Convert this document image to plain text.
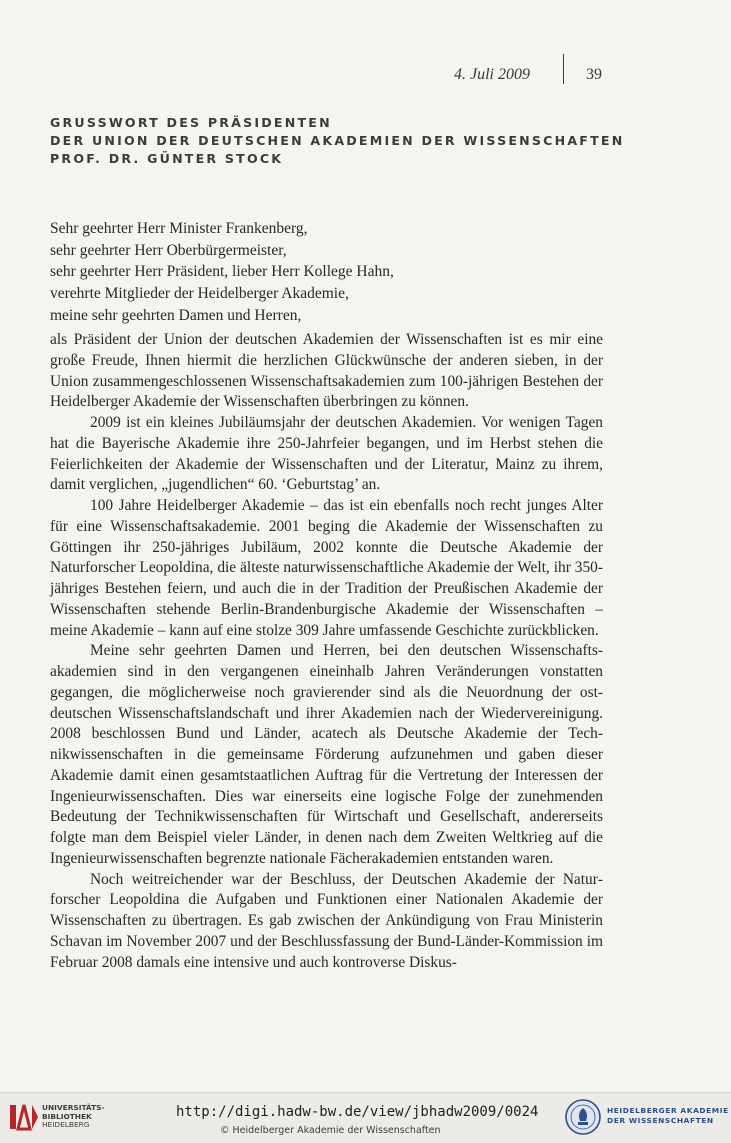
4. Juli 2009	39
GRUSSWORT DES PRÄSIDENTEN
DER UNION DER DEUTSCHEN AKADEMIEN DER WISSENSCHAFTEN
PROF. DR. GÜNTER STOCK
Sehr geehrter Herr Minister Frankenberg,
sehr geehrter Herr Oberbürgermeister,
sehr geehrter Herr Präsident, lieber Herr Kollege Hahn,
verehrte Mitglieder der Heidelberger Akademie,
meine sehr geehrten Damen und Herren,

als Präsident der Union der deutschen Akademien der Wissenschaften ist es mir eine große Freude, Ihnen hiermit die herzlichen Glückwünsche der anderen sieben, in der Union zusammengeschlossenen Wissenschaftsakademien zum 100-jährigen Bestehen der Heidelberger Akademie der Wissenschaften überbringen zu können.

2009 ist ein kleines Jubiläumsjahr der deutschen Akademien. Vor wenigen Tagen hat die Bayerische Akademie ihre 250-Jahrfeier begangen, und im Herbst stehen die Feierlichkeiten der Akademie der Wissenschaften und der Literatur, Mainz zu ihrem, damit verglichen, „jugendlichen“ 60. ‘Geburtstag’ an.

100 Jahre Heidelberger Akademie – das ist ein ebenfalls noch recht junges Alter für eine Wissenschaftsakademie. 2001 beging die Akademie der Wissenschaften zu Göttingen ihr 250-jähriges Jubiläum, 2002 konnte die Deutsche Akademie der Naturforscher Leopoldina, die älteste naturwissenschaftliche Akademie der Welt, ihr 350-jähriges Bestehen feiern, und auch die in der Tradition der Preußischen Akademie der Wissenschaften stehende Berlin-Brandenburgische Akademie der Wissenschaften – meine Akademie – kann auf eine stolze 309 Jahre umfassende Geschichte zurückblicken.

Meine sehr geehrten Damen und Herren, bei den deutschen Wissenschaftsakademien sind in den vergangenen eineinhalb Jahren Veränderungen vonstatten gegangen, die möglicherweise noch gravierender sind als die Neuordnung der ostdeutschen Wissenschaftslandschaft und ihrer Akademien nach der Wiedervereinigung. 2008 beschlossen Bund und Länder, acatech als Deutsche Akademie der Technikwissenschaften in die gemeinsame Förderung aufzunehmen und gaben dieser Akademie damit einen gesamtstaatlichen Auftrag für die Vertretung der Interessen der Ingenieurwissenschaften. Dies war einerseits eine logische Folge der zunehmenden Bedeutung der Technikwissenschaften für Wirtschaft und Gesellschaft, andererseits folgte man dem Beispiel vieler Länder, in denen nach dem Zweiten Weltkrieg auf die Ingenieurwissenschaften begrenzte nationale Fächerakademien entstanden waren.

Noch weitreichender war der Beschluss, der Deutschen Akademie der Naturforscher Leopoldina die Aufgaben und Funktionen einer Nationalen Akademie der Wissenschaften zu übertragen. Es gab zwischen der Ankündigung von Frau Ministerin Schavan im November 2007 und der Beschlussfassung der Bund-Länder-Kommission im Februar 2008 damals eine intensive und auch kontroverse Diskus-

UNIVERSITÄTS-
BIBLIOTHEK
HEIDELBERG
http://digi.hadw-bw.de/view/jbhadw2009/0024
© Heidelberger Akademie der Wissenschaften
HEIDELBERGER AKADEMIE
DER WISSENSCHAFTEN
